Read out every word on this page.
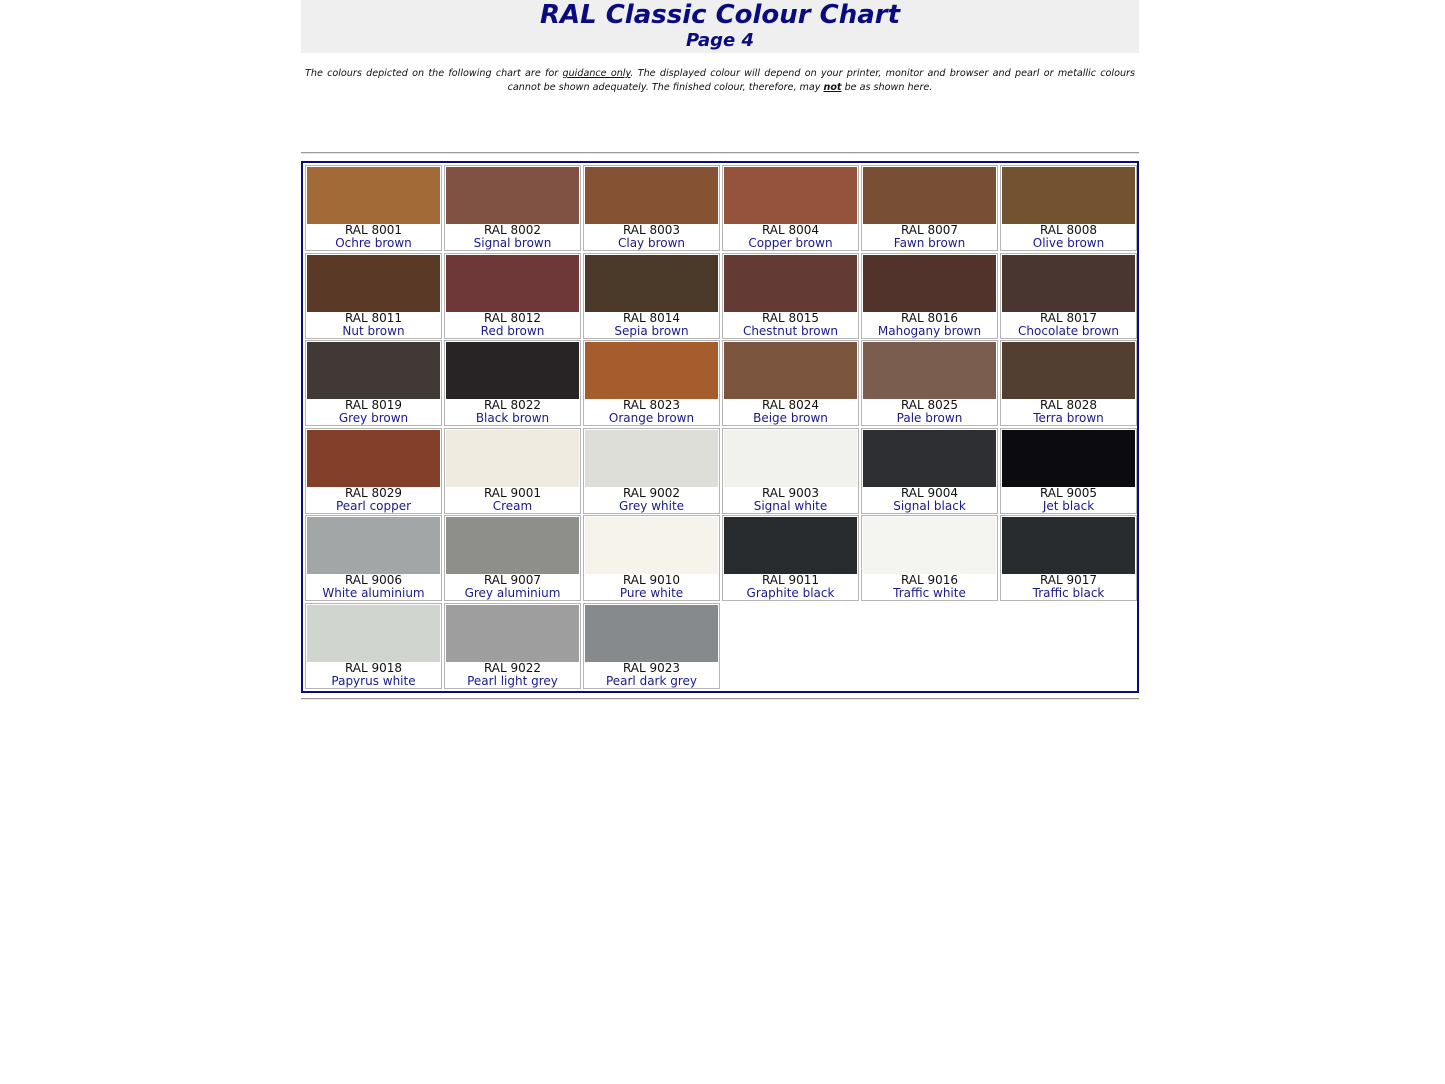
RAL Classic Colour Chart
Page 4

The colours depicted on the following chart are for guidance only. The displayed colour will depend on your printer, monitor and browser and pearl or metallic colours cannot be shown adequately. The finished colour, therefore, may not be as shown here.

RAL 8001
Ochre brown
RAL 8002
Signal brown
RAL 8003
Clay brown
RAL 8004
Copper brown
RAL 8007
Fawn brown
RAL 8008
Olive brown
RAL 8011
Nut brown
RAL 8012
Red brown
RAL 8014
Sepia brown
RAL 8015
Chestnut brown
RAL 8016
Mahogany brown
RAL 8017
Chocolate brown
RAL 8019
Grey brown
RAL 8022
Black brown
RAL 8023
Orange brown
RAL 8024
Beige brown
RAL 8025
Pale brown
RAL 8028
Terra brown
RAL 8029
Pearl copper
RAL 9001
Cream
RAL 9002
Grey white
RAL 9003
Signal white
RAL 9004
Signal black
RAL 9005
Jet black
RAL 9006
White aluminium
RAL 9007
Grey aluminium
RAL 9010
Pure white
RAL 9011
Graphite black
RAL 9016
Traffic white
RAL 9017
Traffic black
RAL 9018
Papyrus white
RAL 9022
Pearl light grey
RAL 9023
Pearl dark grey
